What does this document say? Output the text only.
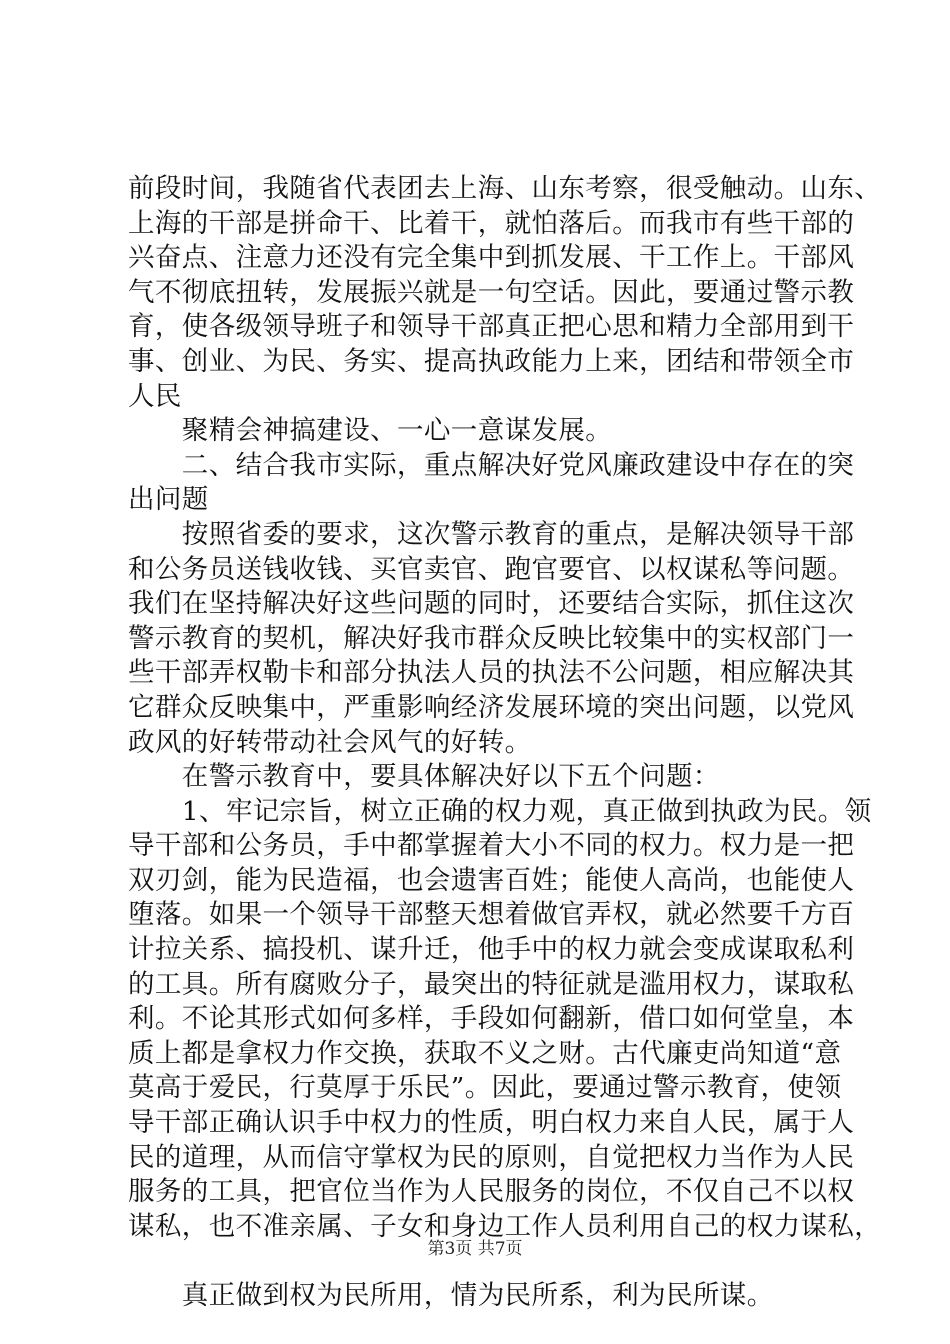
前段时间，我随省代表团去上海、山东考察，很受触动。山东、

上海的干部是拼命干、比着干，就怕落后。而我市有些干部的

兴奋点、注意力还没有完全集中到抓发展、干工作上。干部风

气不彻底扭转，发展振兴就是一句空话。因此，要通过警示教

育，使各级领导班子和领导干部真正把心思和精力全部用到干

事、创业、为民、务实、提高执政能力上来，团结和带领全市

人民

　　聚精会神搞建设、一心一意谋发展。

　　二、结合我市实际，重点解决好党风廉政建设中存在的突

出问题

　　按照省委的要求，这次警示教育的重点，是解决领导干部

和公务员送钱收钱、买官卖官、跑官要官、以权谋私等问题。

我们在坚持解决好这些问题的同时，还要结合实际，抓住这次

警示教育的契机，解决好我市群众反映比较集中的实权部门一

些干部弄权勒卡和部分执法人员的执法不公问题，相应解决其

它群众反映集中，严重影响经济发展环境的突出问题，以党风

政风的好转带动社会风气的好转。

　　在警示教育中，要具体解决好以下五个问题：

　　1、牢记宗旨，树立正确的权力观，真正做到执政为民。领

导干部和公务员，手中都掌握着大小不同的权力。权力是一把

双刃剑，能为民造福，也会遗害百姓；能使人高尚，也能使人

堕落。如果一个领导干部整天想着做官弄权，就必然要千方百

计拉关系、搞投机、谋升迁，他手中的权力就会变成谋取私利

的工具。所有腐败分子，最突出的特征就是滥用权力，谋取私

利。不论其形式如何多样，手段如何翻新，借口如何堂皇，本

质上都是拿权力作交换，获取不义之财。古代廉吏尚知道“意

莫高于爱民，行莫厚于乐民”。因此，要通过警示教育，使领

导干部正确认识手中权力的性质，明白权力来自人民，属于人

民的道理，从而信守掌权为民的原则，自觉把权力当作为人民

服务的工具，把官位当作为人民服务的岗位，不仅自己不以权

谋私，也不准亲属、子女和身边工作人员利用自己的权力谋私，

　　真正做到权为民所用，情为民所系，利为民所谋。

第3页 共7页
